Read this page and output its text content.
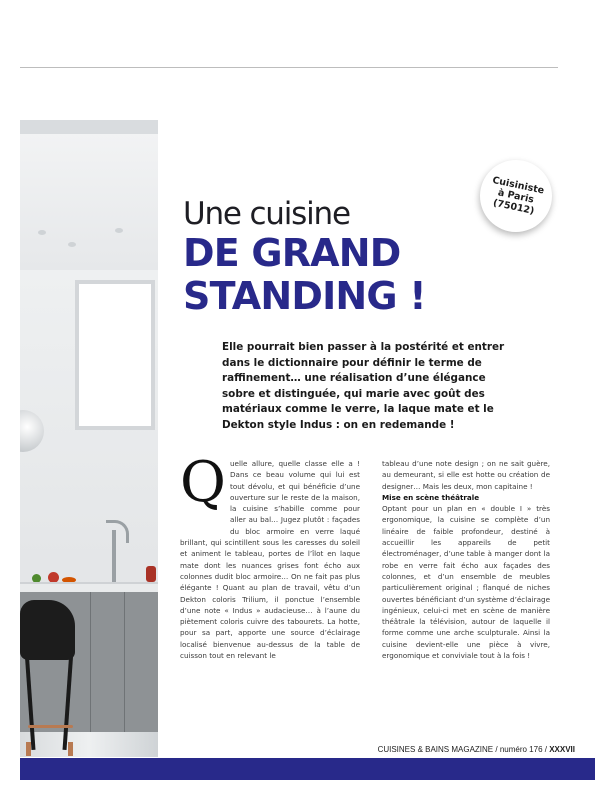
Cuisiniste
à Paris
(75012)
Une cuisine
DE GRAND
STANDING !
Elle pourrait bien passer à la postérité et entrer dans le dictionnaire pour définir le terme de raffinement… une réalisation d’une élégance sobre et distinguée, qui marie avec goût des matériaux comme le verre, la laque mate et le Dekton style Indus : on en redemande !
Q uelle allure, quelle classe elle a ! Dans ce beau volume qui lui est tout dévolu, et qui bénéficie d’une ouverture sur le reste de la maison, la cuisine s’habille comme pour aller au bal… Jugez plutôt : façades du bloc armoire en verre laqué brillant, qui scintillent sous les caresses du soleil et animent le tableau, portes de l’îlot en laque mate dont les nuances grises font écho aux colonnes dudit bloc armoire… On ne fait pas plus élégante ! Quant au plan de travail, vêtu d’un Dekton coloris Trilium, il ponctue l’ensemble d’une note « Indus » audacieuse… à l’aune du piètement coloris cuivre des tabourets. La hotte, pour sa part, apporte une source d’éclairage localisé bienvenue au-dessus de la table de cuisson tout en relevant le

tableau d’une note design ; on ne sait guère, au demeurant, si elle est hotte ou création de designer… Mais les deux, mon capitaine !

Mise en scène théâtrale

Optant pour un plan en « double I » très ergonomique, la cuisine se complète d’un linéaire de faible profondeur, destiné à accueillir les appareils de petit électroménager, d’une table à manger dont la robe en verre fait écho aux façades des colonnes, et d’un ensemble de meubles particulièrement original ; flanqué de niches ouvertes bénéficiant d’un système d’éclairage ingénieux, celui-ci met en scène de manière théâtrale la télévision, autour de laquelle il forme comme une arche sculpturale. Ainsi la cuisine devient-elle une pièce à vivre, ergonomique et conviviale tout à la fois !

CUISINES & BAINS MAGAZINE / numéro 176 / XXXVII
